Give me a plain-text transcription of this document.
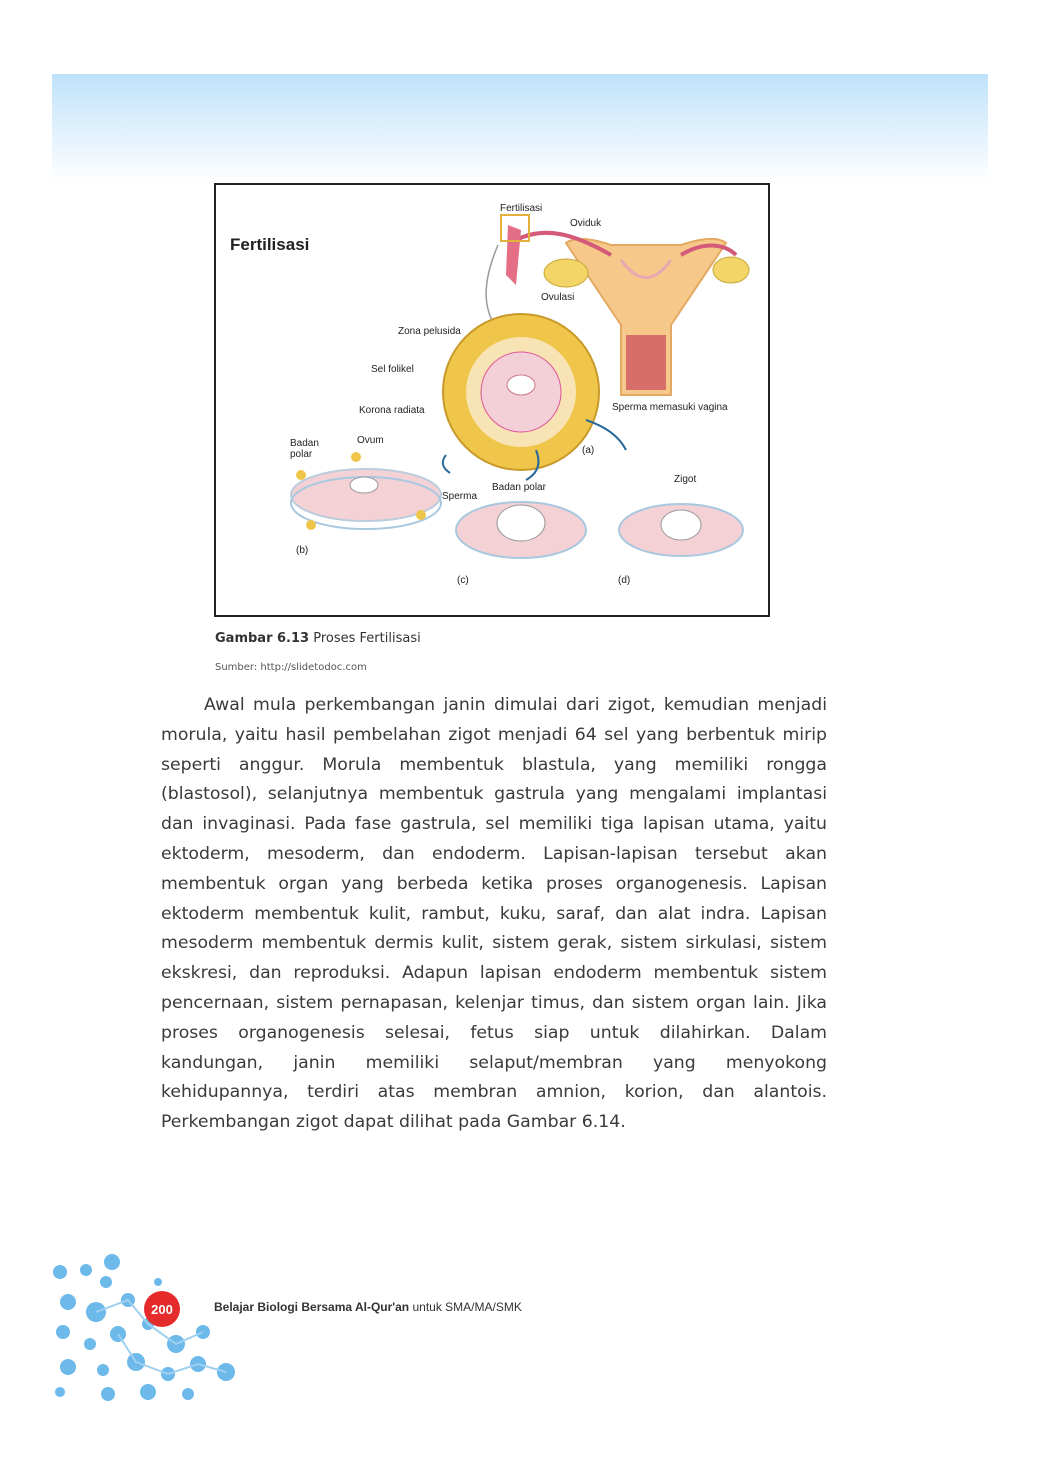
Fertilisasi
Fertilisasi
Oviduk
Ovulasi
Zona pelusida
Sel folikel
Korona radiata	Sperma memasuki vagina
Badan polar
Ovum
Sperma
Badan polar
Zigot
(a)
(b)
(c)	(d)
Gambar 6.13 Proses Fertilisasi
Sumber: http://slidetodoc.com
Awal mula perkembangan janin dimulai dari zigot, kemudian menjadi morula, yaitu hasil pembelahan zigot menjadi 64 sel yang berbentuk mirip seperti anggur. Morula membentuk blastula, yang memiliki rongga (blastosol), selanjutnya membentuk gastrula yang mengalami implantasi dan invaginasi. Pada fase gastrula, sel memiliki tiga lapisan utama, yaitu ektoderm, mesoderm, dan endoderm. Lapisan-lapisan tersebut akan membentuk organ yang berbeda ketika proses organogenesis. Lapisan ektoderm membentuk kulit, rambut, kuku, saraf, dan alat indra. Lapisan mesoderm membentuk dermis kulit, sistem gerak, sistem sirkulasi, sistem ekskresi, dan reproduksi. Adapun lapisan endoderm membentuk sistem pencernaan, sistem pernapasan, kelenjar timus, dan sistem organ lain. Jika proses organogenesis selesai, fetus siap untuk dilahirkan. Dalam kandungan, janin memiliki selaput/membran yang menyokong kehidupannya, terdiri atas membran amnion, korion, dan alantois. Perkembangan zigot dapat dilihat pada Gambar 6.14.
200	Belajar Biologi Bersama Al-Qur'an untuk SMA/MA/SMK
